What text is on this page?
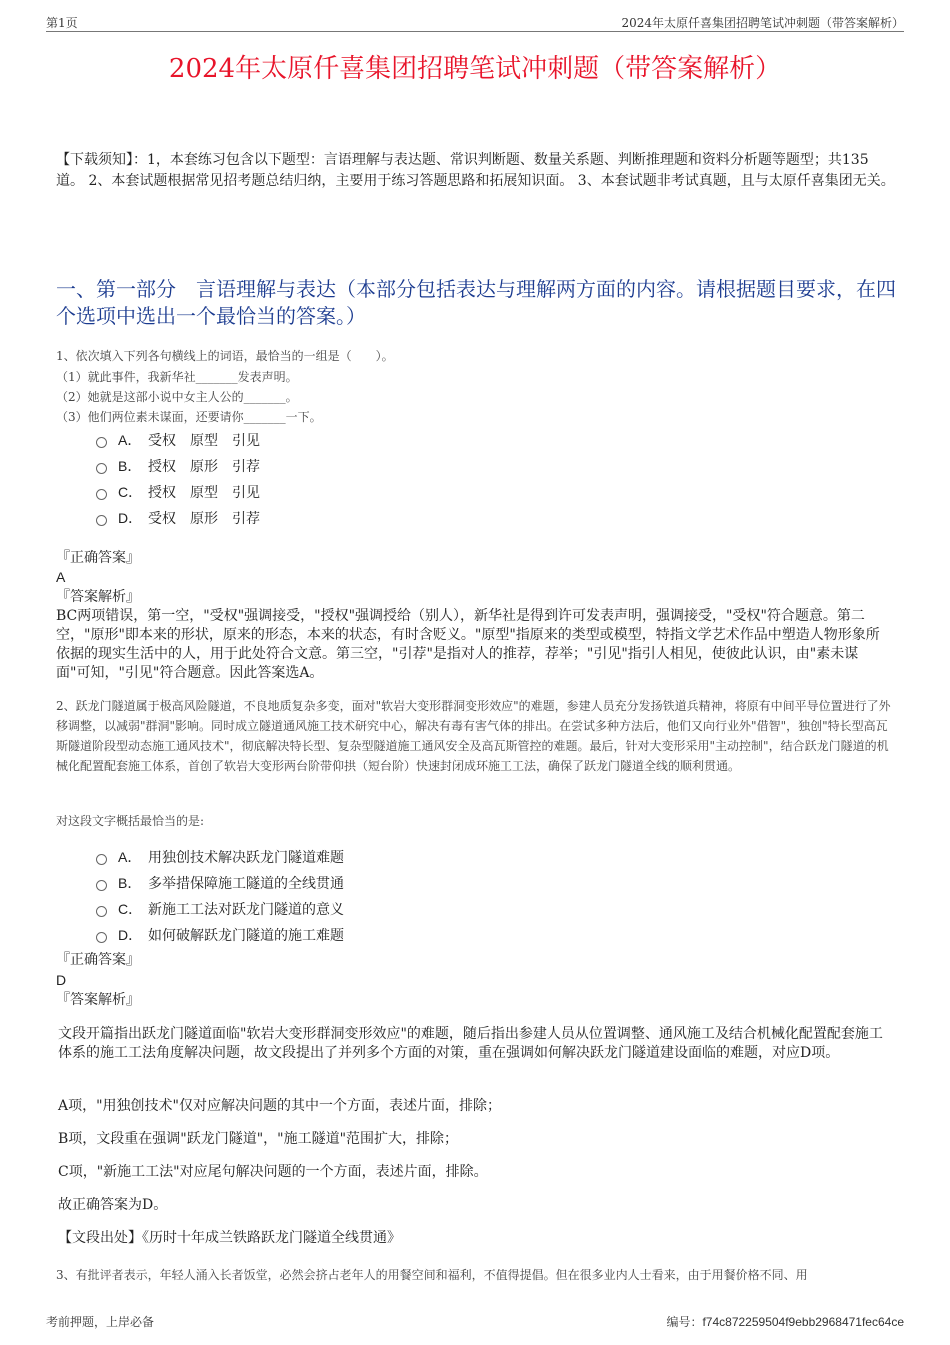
第1页	2024年太原仟喜集团招聘笔试冲刺题（带答案解析）
2024年太原仟喜集团招聘笔试冲刺题（带答案解析）
【下载须知】：1，本套练习包含以下题型：言语理解与表达题、常识判断题、数量关系题、判断推理题和资料分析题等题型；共135道。 2、本套试题根据常见招考题总结归纳，主要用于练习答题思路和拓展知识面。 3、本套试题非考试真题，且与太原仟喜集团无关。
一、第一部分　言语理解与表达（本部分包括表达与理解两方面的内容。请根据题目要求，在四个选项中选出一个最恰当的答案。）
1、依次填入下列各句横线上的词语，最恰当的一组是（　　）。
（1）就此事件，我新华社_______发表声明。
（2）她就是这部小说中女主人公的_______。
（3）他们两位素未谋面，还要请你_______一下。
A． 受权　原型　引见
B． 授权　原形　引荐
C． 授权　原型　引见
D． 受权　原形　引荐
『正确答案』
A
『答案解析』
BC两项错误，第一空，"受权"强调接受，"授权"强调授给（别人），新华社是得到许可发表声明，强调接受，"受权"符合题意。第二空，"原形"即本来的形状，原来的形态，本来的状态，有时含贬义。"原型"指原来的类型或模型，特指文学艺术作品中塑造人物形象所依据的现实生活中的人，用于此处符合文意。第三空，"引荐"是指对人的推荐，荐举；"引见"指引人相见，使彼此认识，由"素未谋面"可知，"引见"符合题意。因此答案选A。
2、跃龙门隧道属于极高风险隧道，不良地质复杂多变，面对"软岩大变形群洞变形效应"的难题，参建人员充分发扬铁道兵精神，将原有中间平导位置进行了外移调整，以减弱"群洞"影响。同时成立隧道通风施工技术研究中心，解决有毒有害气体的排出。在尝试多种方法后，他们又向行业外"借智"，独创"特长型高瓦斯隧道阶段型动态施工通风技术"，彻底解决特长型、复杂型隧道施工通风安全及高瓦斯管控的难题。最后，针对大变形采用"主动控制"，结合跃龙门隧道的机械化配置配套施工体系，首创了软岩大变形两台阶带仰拱（短台阶）快速封闭成环施工工法，确保了跃龙门隧道全线的顺利贯通。
对这段文字概括最恰当的是:
A． 用独创技术解决跃龙门隧道难题
B． 多举措保障施工隧道的全线贯通
C． 新施工工法对跃龙门隧道的意义
D． 如何破解跃龙门隧道的施工难题
『正确答案』
D
『答案解析』
文段开篇指出跃龙门隧道面临"软岩大变形群洞变形效应"的难题，随后指出参建人员从位置调整、通风施工及结合机械化配置配套施工体系的施工工法角度解决问题，故文段提出了并列多个方面的对策，重在强调如何解决跃龙门隧道建设面临的难题，对应D项。
A项，"用独创技术"仅对应解决问题的其中一个方面，表述片面，排除；
B项，文段重在强调"跃龙门隧道"，"施工隧道"范围扩大，排除；
C项，"新施工工法"对应尾句解决问题的一个方面，表述片面，排除。
故正确答案为D。
【文段出处】《历时十年成兰铁路跃龙门隧道全线贯通》
3、有批评者表示，年轻人涌入长者饭堂，必然会挤占老年人的用餐空间和福利，不值得提倡。但在很多业内人士看来，由于用餐价格不同、用
考前押题，上岸必备	编号：f74c872259504f9ebb2968471fec64ce
